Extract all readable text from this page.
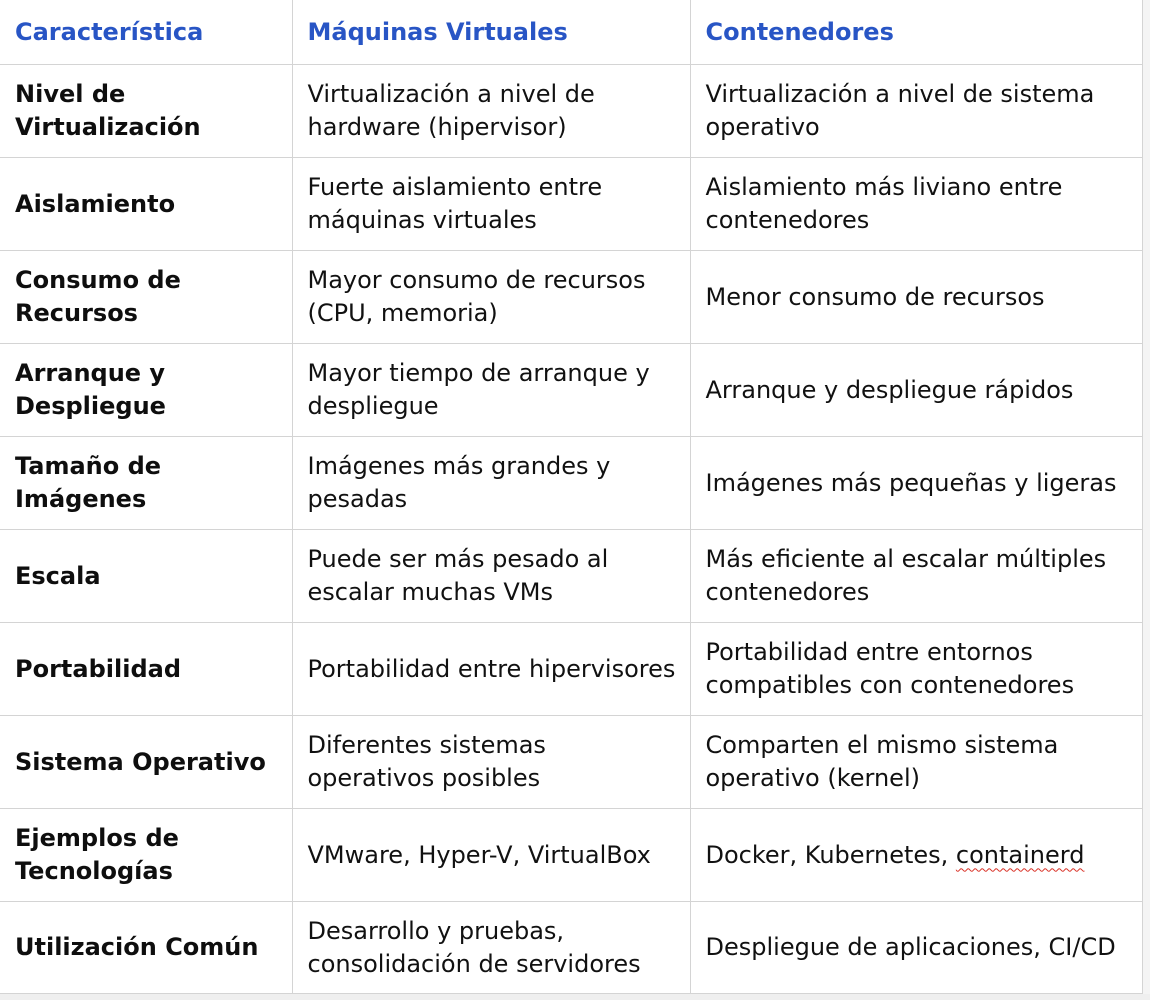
Característica	Máquinas Virtuales	Contenedores
Nivel de Virtualización	Virtualización a nivel de hardware (hipervisor)	Virtualización a nivel de sistema operativo
Aislamiento	Fuerte aislamiento entre máquinas virtuales	Aislamiento más liviano entre contenedores
Consumo de Recursos	Mayor consumo de recursos (CPU, memoria)	Menor consumo de recursos
Arranque y Despliegue	Mayor tiempo de arranque y despliegue	Arranque y despliegue rápidos
Tamaño de Imágenes	Imágenes más grandes y pesadas	Imágenes más pequeñas y ligeras
Escala	Puede ser más pesado al escalar muchas VMs	Más eficiente al escalar múltiples contenedores
Portabilidad	Portabilidad entre hipervisores	Portabilidad entre entornos compatibles con contenedores
Sistema Operativo	Diferentes sistemas operativos posibles	Comparten el mismo sistema operativo (kernel)
Ejemplos de Tecnologías	VMware, Hyper-V, VirtualBox	Docker, Kubernetes, containerd
Utilización Común	Desarrollo y pruebas, consolidación de servidores	Despliegue de aplicaciones, CI/CD
